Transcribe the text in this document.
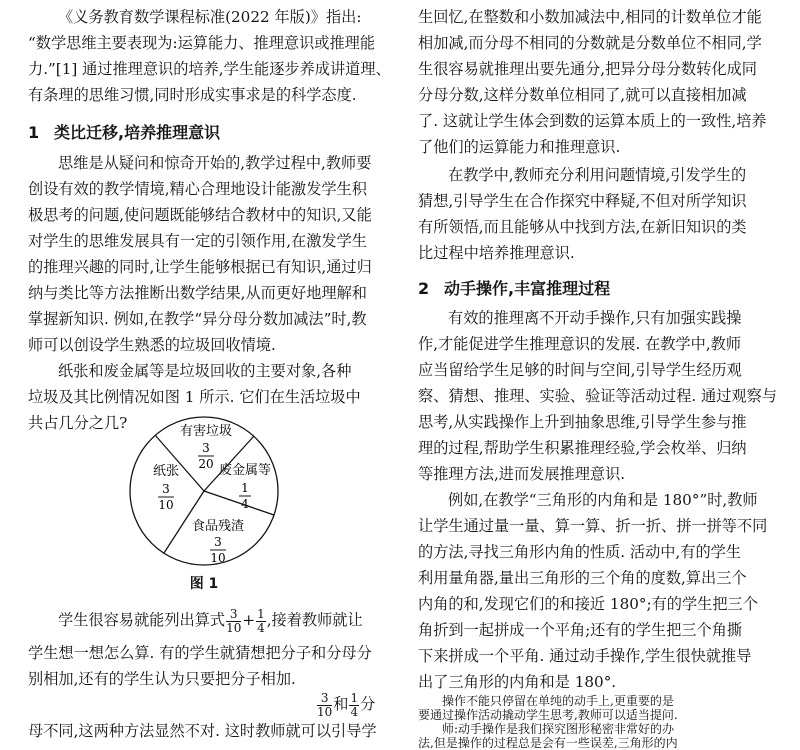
《义务教育数学课程标准(2022 年版)》指出:
“数学思维主要表现为:运算能力、推理意识或推理能
力.”[1] 通过推理意识的培养,学生能逐步养成讲道理、
有条理的思维习惯,同时形成实事求是的科学态度.
1 类比迁移,培养推理意识
思维是从疑问和惊奇开始的,教学过程中,教师要
创设有效的教学情境,精心合理地设计能激发学生积
极思考的问题,使问题既能够结合教材中的知识,又能
对学生的思维发展具有一定的引领作用,在激发学生
的推理兴趣的同时,让学生能够根据已有知识,通过归
纳与类比等方法推断出数学结果,从而更好地理解和
掌握新知识. 例如,在教学“异分母分数加减法”时,教
师可以创设学生熟悉的垃圾回收情境.
纸张和废金属等是垃圾回收的主要对象,各种
垃圾及其比例情况如图 1 所示. 它们在生活垃圾中
共占几分之几?	有害垃圾
3
20 废金属等
1
4
食品残渣
3
10
纸张
3
10
图 1
学生很容易就能列出算式 $\frac{3}{10} + \frac{1}{4}$ ,接着教师就让
学生想一想怎么算. 有的学生就猜想把分子和分母分
别相加,还有的学生认为只要把分子相加.
$\frac{3}{10}$ 和 $\frac{1}{4}$ 分
母不同,这两种方法显然不对. 这时教师就可以引导学
生回忆,在整数和小数加减法中,相同的计数单位才能
相加减,而分母不相同的分数就是分数单位不相同,学
生很容易就推理出要先通分,把异分母分数转化成同
分母分数,这样分数单位相同了,就可以直接相加减
了. 这就让学生体会到数的运算本质上的一致性,培养
了他们的运算能力和推理意识.
在教学中,教师充分利用问题情境,引发学生的
猜想,引导学生在合作探究中释疑,不但对所学知识
有所领悟,而且能够从中找到方法,在新旧知识的类
比过程中培养推理意识.
2 动手操作,丰富推理过程
有效的推理离不开动手操作,只有加强实践操
作,才能促进学生推理意识的发展. 在教学中,教师
应当留给学生足够的时间与空间,引导学生经历观
察、猜想、推理、实验、验证等活动过程. 通过观察与
思考,从实践操作上升到抽象思维,引导学生参与推
理的过程,帮助学生积累推理经验,学会枚举、归纳
等推理方法,进而发展推理意识.
例如,在教学“三角形的内角和是 180°”时,教师
让学生通过量一量、算一算、折一折、拼一拼等不同
的方法,寻找三角形内角的性质. 活动中,有的学生
利用量角器,量出三角形的三个角的度数,算出三个
内角的和,发现它们的和接近 180°;有的学生把三个
角折到一起拼成一个平角;还有的学生把三个角撕
下来拼成一个平角. 通过动手操作,学生很快就推导
出了三角形的内角和是 180°.
操作不能只停留在单纯的动手上,更重要的是
要通过操作活动撬动学生思考,教师可以适当提问.
师:动手操作是我们探究图形秘密非常好的办
法,但是操作的过程总是会有一些误差,三角形的内
